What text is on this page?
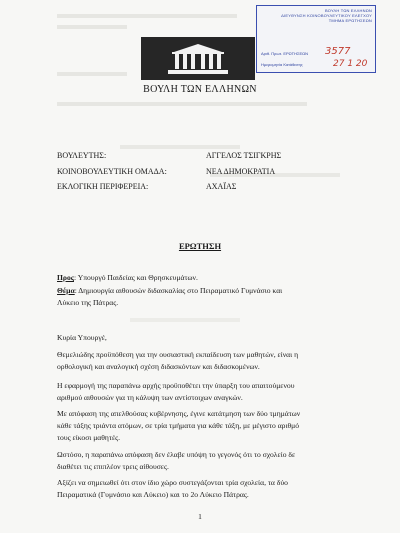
ΒΟΥΛΗ ΤΩΝ ΕΛΛΗΝΩΝ
ΔΙΕΥΘΥΝΣΗ ΚΟΙΝΟΒΟΥΛΕΥΤΙΚΟΥ ΕΛΕΓΧΟΥ
ΤΜΗΜΑ ΕΡΩΤΗΣΕΩΝ
Αριθ. Πρωτ. ΕΡΩΤΗΣΕΩΝ 3577
Ημερομηνία Κατάθεσης	27 1 20
ΒΟΥΛΗ ΤΩΝ ΕΛΛΗΝΩΝ
ΒΟΥΛΕΥΤΗΣ:	ΑΓΓΕΛΟΣ ΤΣΙΓΚΡΗΣ
ΚΟΙΝΟΒΟΥΛΕΥΤΙΚΗ ΟΜΑΔΑ:	ΝΕΑ ΔΗΜΟΚΡΑΤΙΑ
ΕΚΛΟΓΙΚΗ ΠΕΡΙΦΕΡΕΙΑ:	ΑΧΑΪΑΣ
ΕΡΩΤΗΣΗ
Προς: Υπουργό Παιδείας και Θρησκευμάτων.
Θέμα: Δημιουργία αιθουσών διδασκαλίας στο Πειραματικό Γυμνάσιο και
Λύκειο της Πάτρας.
Κυρία Υπουργέ,
Θεμελιώδης προϋπόθεση για την ουσιαστική εκπαίδευση των μαθητών, είναι η
ορθολογική και αναλογική σχέση διδασκόντων και διδασκομένων.
Η εφαρμογή της παραπάνω αρχής προϋποθέτει την ύπαρξη του απαιτούμενου
αριθμού αιθουσών για τη κάλυψη των αντίστοιχων αναγκών.
Με απόφαση της απελθούσας κυβέρνησης, έγινε κατάτμηση των δύο τμημάτων
κάθε τάξης τριάντα ατόμων, σε τρία τμήματα για κάθε τάξη, με μέγιστο αριθμό
τους είκοσι μαθητές.
Ωστόσο, η παραπάνω απόφαση δεν έλαβε υπόψη το γεγονός ότι το σχολείο δε
διαθέτει τις επιπλέον τρεις αίθουσες.
Αξίζει να σημειωθεί ότι στον ίδιο χώρο συστεγάζονται τρία σχολεία, τα δύο
Πειραματικά (Γυμνάσιο και Λύκειο) και το 2ο Λύκειο Πάτρας.
1
